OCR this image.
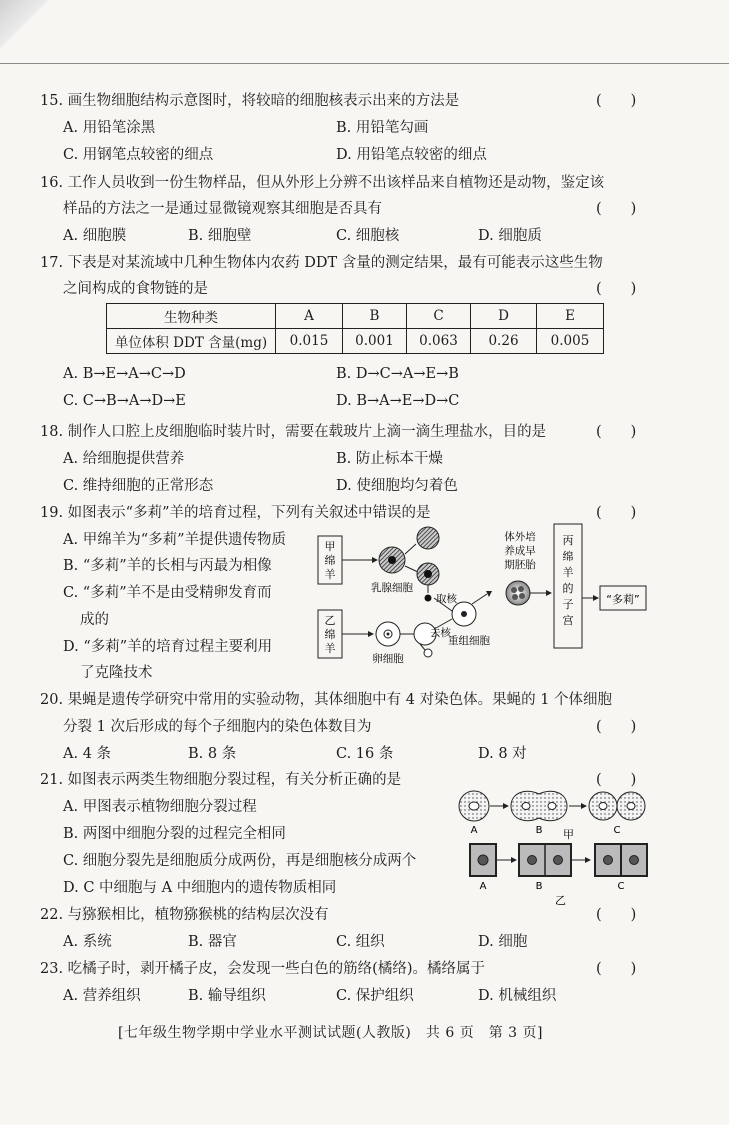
15. 画生物细胞结构示意图时，将较暗的细胞核表示出来的方法是	(　　)
A. 用铅笔涂黑	B. 用铅笔勾画
C. 用钢笔点较密的细点	D. 用铅笔点较密的细点
16. 工作人员收到一份生物样品，但从外形上分辨不出该样品来自植物还是动物，鉴定该
样品的方法之一是通过显微镜观察其细胞是否具有	(　　)
A. 细胞膜	B. 细胞壁	C. 细胞核	D. 细胞质
17. 下表是对某流域中几种生物体内农药 DDT 含量的测定结果，最有可能表示这些生物
之间构成的食物链的是	(　　)
生物种类	A	B	C	D	E
单位体积 DDT 含量(mg)	0.015	0.001	0.063	0.26	0.005
A. B→E→A→C→D	B. D→C→A→E→B
C. C→B→A→D→E	D. B→A→E→D→C
18. 制作人口腔上皮细胞临时装片时，需要在载玻片上滴一滴生理盐水，目的是	(　　)
A. 给细胞提供营养	B. 防止标本干燥
C. 维持细胞的正常形态	D. 使细胞均匀着色
19. 如图表示“多莉”羊的培育过程，下列有关叙述中错误的是	(　　)
A. 甲绵羊为“多莉”羊提供遗传物质
B. “多莉”羊的长相与丙最为相像
C. “多莉”羊不是由受精卵发育而
成的
D. “多莉”羊的培育过程主要利用
了克隆技术
甲
绵
羊
乳腺细胞
取核
乙
绵
羊
卵细胞
去核
重组细胞
体外培
养成早
期胚胎
丙
绵
羊
的
子
宫
“多莉”
20. 果蝇是遗传学研究中常用的实验动物，其体细胞中有 4 对染色体。果蝇的 1 个体细胞
分裂 1 次后形成的每个子细胞内的染色体数目为	(　　)
A. 4 条	B. 8 条	C. 16 条	D. 8 对
21. 如图表示两类生物细胞分裂过程，有关分析正确的是	(　　)
A. 甲图表示植物细胞分裂过程
B. 两图中细胞分裂的过程完全相同
C. 细胞分裂先是细胞质分成两份，再是细胞核分成两个
D. C 中细胞与 A 中细胞内的遗传物质相同
A	B	C
甲
A	B	C
乙
22. 与猕猴相比，植物猕猴桃的结构层次没有	(　　)
A. 系统	B. 器官	C. 组织	D. 细胞
23. 吃橘子时，剥开橘子皮，会发现一些白色的筋络(橘络)。橘络属于	(　　)
A. 营养组织	B. 输导组织	C. 保护组织	D. 机械组织
[七年级生物学期中学业水平测试试题(人教版)　共 6 页　第 3 页]
